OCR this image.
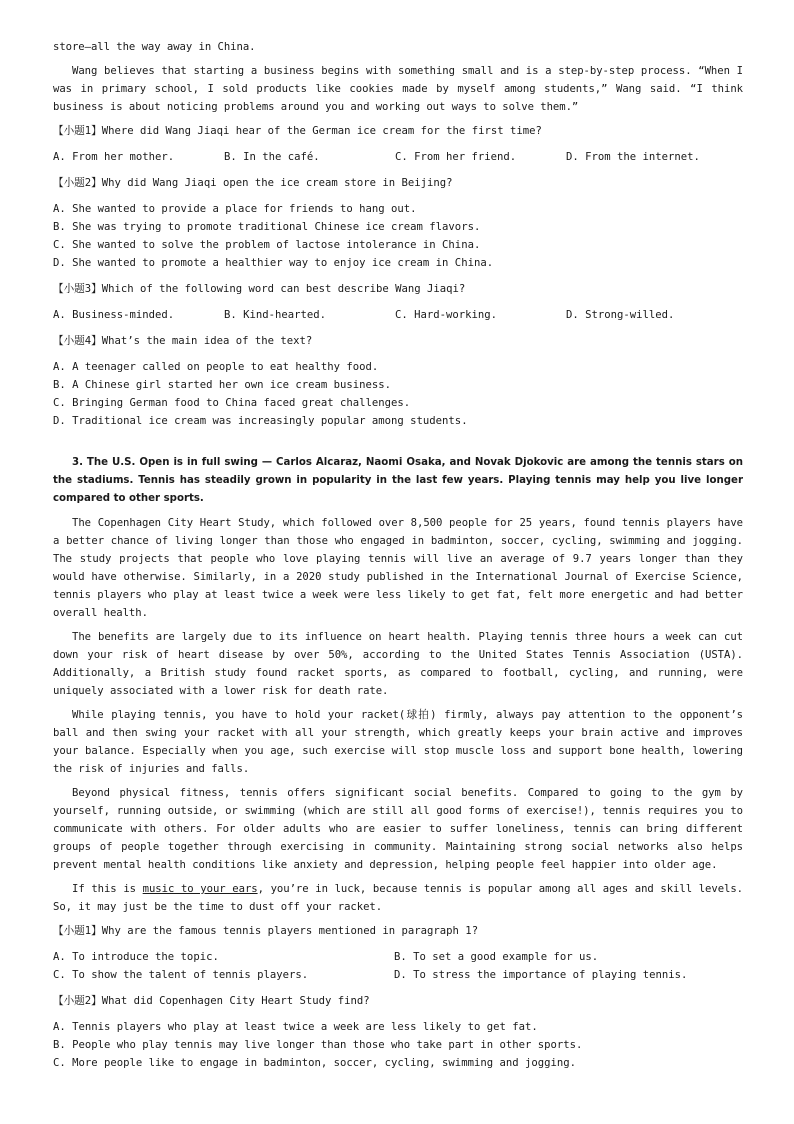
store—all the way away in China.

Wang believes that starting a business begins with something small and is a step-by-step process. “When I was in primary school, I sold products like cookies made by myself among students,” Wang said. “I think business is about noticing problems around you and working out ways to solve them.”

【小题1】Where did Wang Jiaqi hear of the German ice cream for the first time?

A. From her mother.	B. In the café.	C. From her friend.	D. From the internet.

【小题2】Why did Wang Jiaqi open the ice cream store in Beijing?

A. She wanted to provide a place for friends to hang out.

B. She was trying to promote traditional Chinese ice cream flavors.

C. She wanted to solve the problem of lactose intolerance in China.

D. She wanted to promote a healthier way to enjoy ice cream in China.

【小题3】Which of the following word can best describe Wang Jiaqi?

A. Business-minded.	B. Kind-hearted.	C. Hard-working.	D. Strong-willed.

【小题4】What’s the main idea of the text?

A. A teenager called on people to eat healthy food.

B. A Chinese girl started her own ice cream business.

C. Bringing German food to China faced great challenges.

D. Traditional ice cream was increasingly popular among students.

3. The U.S. Open is in full swing — Carlos Alcaraz, Naomi Osaka, and Novak Djokovic are among the tennis stars on the stadiums. Tennis has steadily grown in popularity in the last few years. Playing tennis may help you live longer compared to other sports.

The Copenhagen City Heart Study, which followed over 8,500 people for 25 years, found tennis players have a better chance of living longer than those who engaged in badminton, soccer, cycling, swimming and jogging. The study projects that people who love playing tennis will live an average of 9.7 years longer than they would have otherwise. Similarly, in a 2020 study published in the International Journal of Exercise Science, tennis players who play at least twice a week were less likely to get fat, felt more energetic and had better overall health.

The benefits are largely due to its influence on heart health. Playing tennis three hours a week can cut down your risk of heart disease by over 50%, according to the United States Tennis Association (USTA). Additionally, a British study found racket sports, as compared to football, cycling, and running, were uniquely associated with a lower risk for death rate.

While playing tennis, you have to hold your racket(球拍) firmly, always pay attention to the opponent’s ball and then swing your racket with all your strength, which greatly keeps your brain active and improves your balance. Especially when you age, such exercise will stop muscle loss and support bone health, lowering the risk of injuries and falls.

Beyond physical fitness, tennis offers significant social benefits. Compared to going to the gym by yourself, running outside, or swimming (which are still all good forms of exercise!), tennis requires you to communicate with others. For older adults who are easier to suffer loneliness, tennis can bring different groups of people together through exercising in community. Maintaining strong social networks also helps prevent mental health conditions like anxiety and depression, helping people feel happier into older age.

If this is music to your ears, you’re in luck, because tennis is popular among all ages and skill levels. So, it may just be the time to dust off your racket.

【小题1】Why are the famous tennis players mentioned in paragraph 1?

A. To introduce the topic.	B. To set a good example for us.
C. To show the talent of tennis players.	D. To stress the importance of playing tennis.

【小题2】What did Copenhagen City Heart Study find?

A. Tennis players who play at least twice a week are less likely to get fat.

B. People who play tennis may live longer than those who take part in other sports.

C. More people like to engage in badminton, soccer, cycling, swimming and jogging.
